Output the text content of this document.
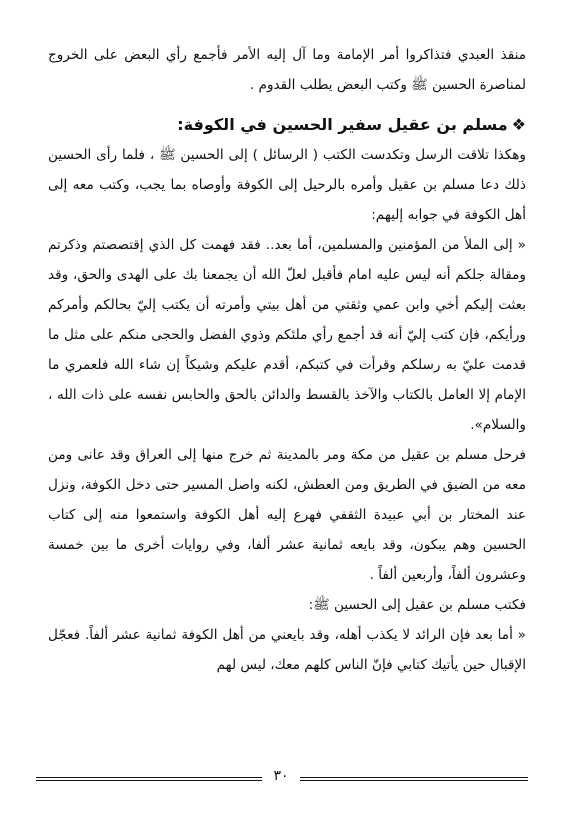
منقذ العبدي فتذاكروا أمر الإمامة وما آل إليه الأمر فأجمع رأي البعض على الخروج لمناصرة الحسين ﷺ وكتب البعض يطلب القدوم .

❖مسلم بن عقيل سفير الحسين في الكوفة:

وهكذا تلاقت الرسل وتكدست الكتب ( الرسائل ) إلى الحسين ﷺ ، فلما رأى الحسين ذلك دعا مسلم بن عقيل وأمره بالرحيل إلى الكوفة وأوصاه بما يجب، وكتب معه إلى أهل الكوفة في جوابه إليهم:

« إلى الملأ من المؤمنين والمسلمين، أما بعد.. فقد فهمت كل الذي إقتصصتم وذكرتم ومقالة جلكم أنه ليس عليه امام فأقبل لعلّ الله أن يجمعنا بك على الهدى والحق، وقد بعثت إليكم أخي وابن عمي وثقتي من أهل بيتي وأمرته أن يكتب إليّ بحالكم وأمركم ورأيكم، فإن كتب إليّ أنه قد أجمع رأي ملئكم وذوي الفضل والحجى منكم على مثل ما قدمت عليّ به رسلكم وقرأت في كتبكم، أقدم عليكم وشيكاً إن شاء الله فلعمري ما الإمام إلا العامل بالكتاب والآخذ بالقسط والدائن بالحق والحابس نفسه على ذات الله ، والسلام».

فرحل مسلم بن عقيل من مكة ومر بالمدينة ثم خرج منها إلى العراق وقد عانى ومن معه من الضيق في الطريق ومن العطش، لكنه واصل المسير حتى دخل الكوفة، ونزل عند المختار بن أبي عبيدة الثقفي فهرع إليه أهل الكوفة واستمعوا منه إلى كتاب الحسين وهم يبكون، وقد بايعه ثمانية عشر ألفا، وفي روايات أخرى ما بين خمسة وعشرون ألفاً، وأربعين ألفاً .

فكتب مسلم بن عقيل إلى الحسين ﷺ:

« أما بعد فإن الرائد لا يكذب أهله، وقد بايعني من أهل الكوفة ثمانية عشر ألفاً. فعجّل الإقبال حين يأتيك كتابي فإنّ الناس كلهم معك، ليس لهم

٣٠
